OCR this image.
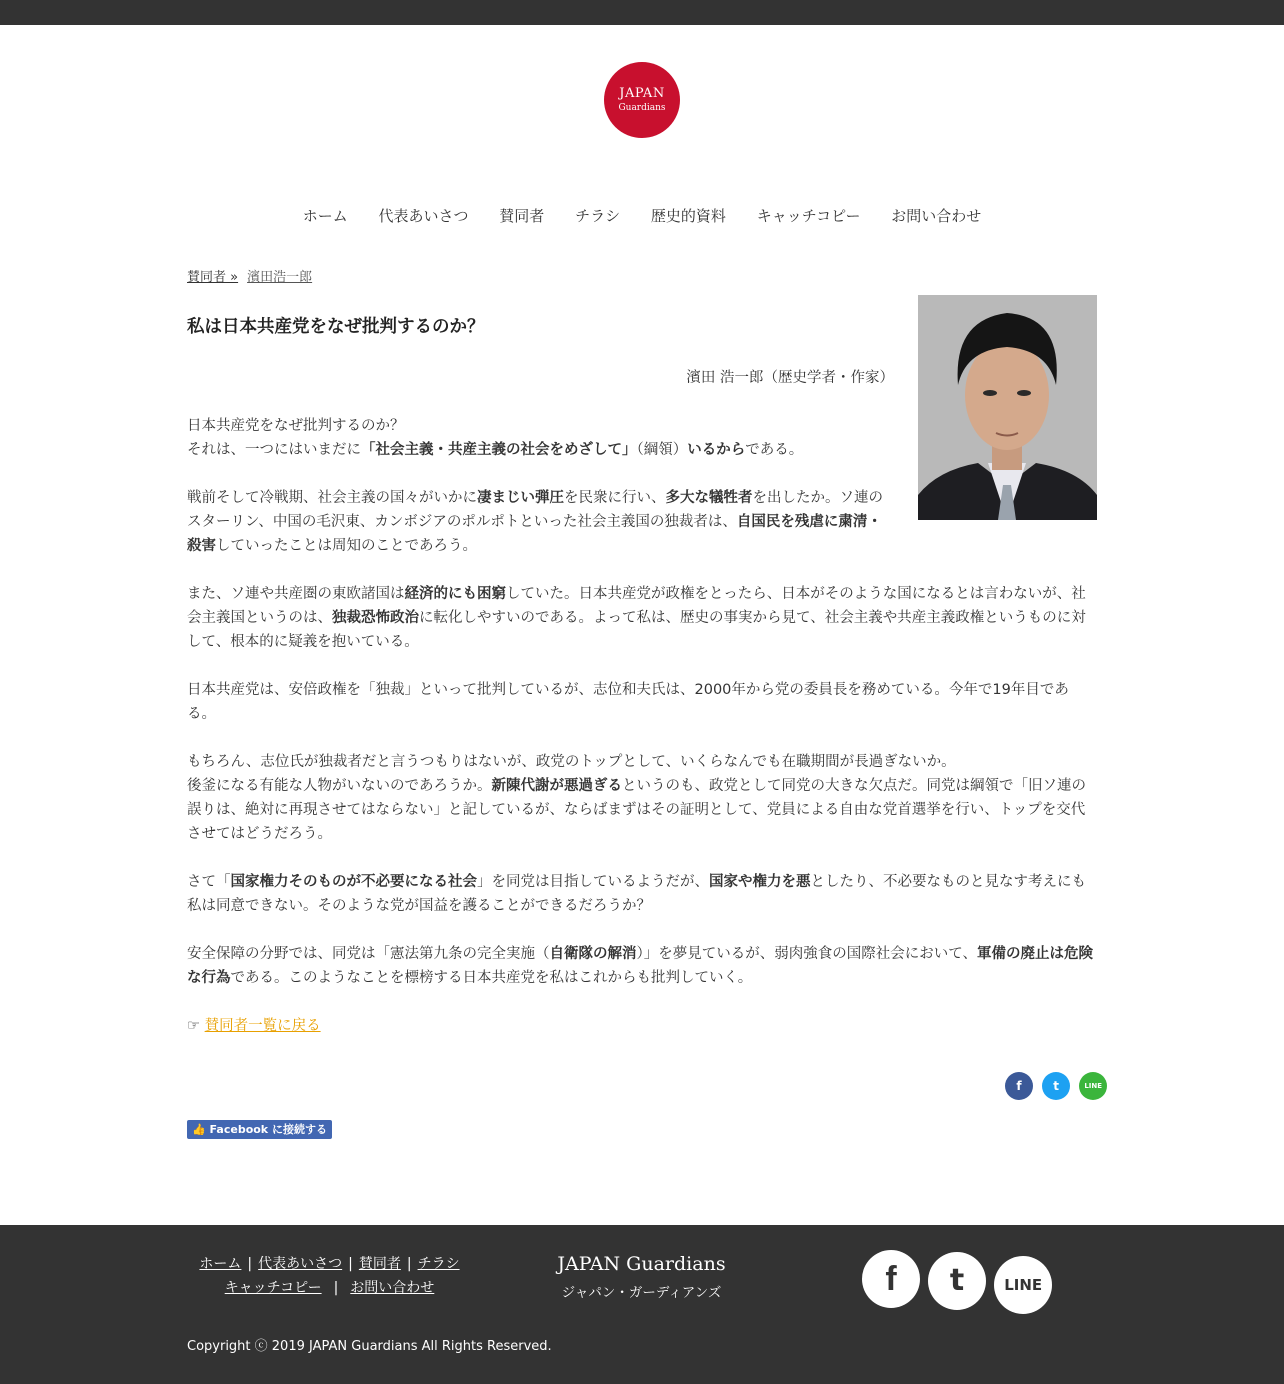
JAPAN
Guardians
ホーム 代表あいさつ 賛同者 チラシ 歴史的資料 キャッチコピー お問い合わせ
賛同者 » 濱田浩一郎
私は日本共産党をなぜ批判するのか？
濱田 浩一郎（歴史学者・作家）

日本共産党をなぜ批判するのか？

それは、一つにはいまだに「社会主義・共産主義の社会をめざして」（綱領）いるからである。

戦前そして冷戦期、社会主義の国々がいかに凄まじい弾圧を民衆に行い、多大な犠牲者を出したか。ソ連のスターリン、中国の毛沢東、カンボジアのポルポトといった社会主義国の独裁者は、自国民を残虐に粛清・殺害していったことは周知のことであろう。

また、ソ連や共産圏の東欧諸国は経済的にも困窮していた。日本共産党が政権をとったら、日本がそのような国になるとは言わないが、社会主義国というのは、独裁恐怖政治に転化しやすいのである。よって私は、歴史の事実から見て、社会主義や共産主義政権というものに対して、根本的に疑義を抱いている。

日本共産党は、安倍政権を「独裁」といって批判しているが、志位和夫氏は、2000年から党の委員長を務めている。今年で19年目である。

もちろん、志位氏が独裁者だと言うつもりはないが、政党のトップとして、いくらなんでも在職期間が長過ぎないか。

後釜になる有能な人物がいないのであろうか。新陳代謝が悪過ぎるというのも、政党として同党の大きな欠点だ。同党は綱領で「旧ソ連の誤りは、絶対に再現させてはならない」と記しているが、ならばまずはその証明として、党員による自由な党首選挙を行い、トップを交代させてはどうだろう。

さて「国家権力そのものが不必要になる社会」を同党は目指しているようだが、国家や権力を悪としたり、不必要なものと見なす考えにも私は同意できない。そのような党が国益を護ることができるだろうか？

安全保障の分野では、同党は「憲法第九条の完全実施（自衛隊の解消）」を夢見ているが、弱肉強食の国際社会において、軍備の廃止は危険な行為である。このようなことを標榜する日本共産党を私はこれからも批判していく。

☞ 賛同者一覧に戻る

f	t	LINE
👍 Facebook に接続する
ホーム | 代表あいさつ | 賛同者 | チラシ
キャッチコピー | お問い合わせ
JAPAN Guardians
ジャパン・ガーディアンズ	f t	LINE
Copyright ⓒ 2019 JAPAN Guardians All Rights Reserved.
